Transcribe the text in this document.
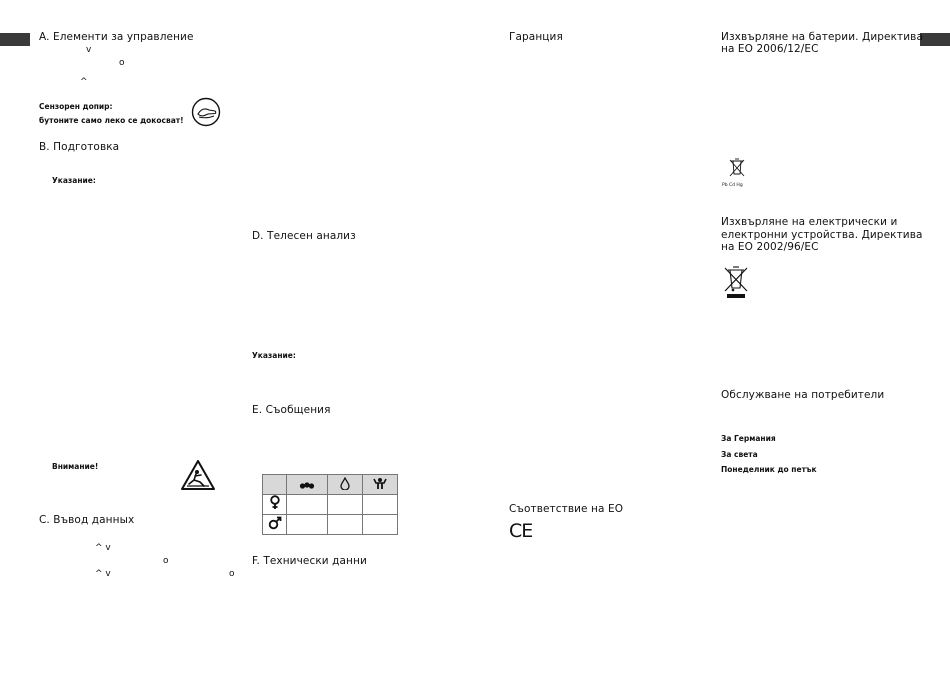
A. Елементи за управление
v
o
^
Сензорен допир:
бутоните само леко се докосват!
B. Подготовка
Указание:
Внимание!
C. Въвод данных
^ v
o
^ v	o
D. Телесен анализ
Указание:
E. Съобщения

F. Технически данни
Гаранция
Съответствие на ЕО
CE
Изхвърляне на батерии. Директива
на ЕО 2006/12/ЕС
Pb Cd Hg
Изхвърляне на електрически и
електронни устройства. Директива
на ЕО 2002/96/ЕС
Обслужване на потребители
За Германия
За света
Понеделник до петък
